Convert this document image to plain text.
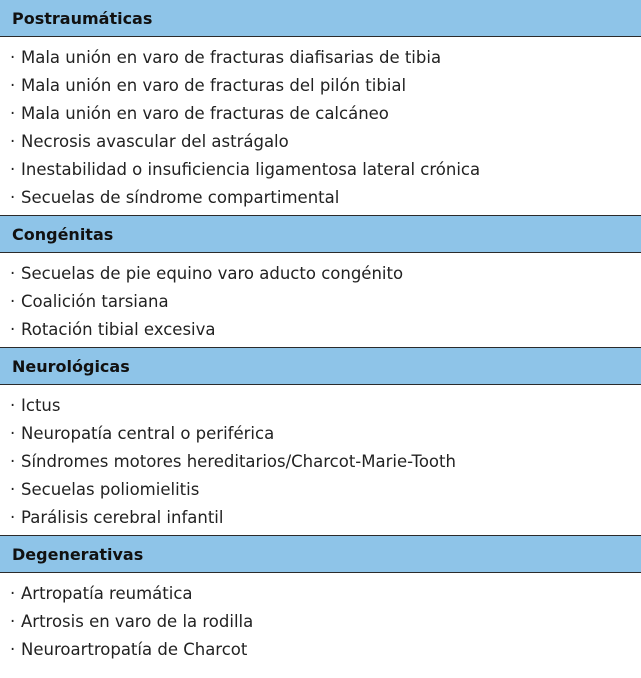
Postraumáticas
· Mala unión en varo de fracturas diafisarias de tibia
· Mala unión en varo de fracturas del pilón tibial
· Mala unión en varo de fracturas de calcáneo
· Necrosis avascular del astrágalo
· Inestabilidad o insuficiencia ligamentosa lateral crónica
· Secuelas de síndrome compartimental
Congénitas
· Secuelas de pie equino varo aducto congénito
· Coalición tarsiana
· Rotación tibial excesiva
Neurológicas
· Ictus
· Neuropatía central o periférica
· Síndromes motores hereditarios/Charcot-Marie-Tooth
· Secuelas poliomielitis
· Parálisis cerebral infantil
Degenerativas
· Artropatía reumática
· Artrosis en varo de la rodilla
· Neuroartropatía de Charcot
